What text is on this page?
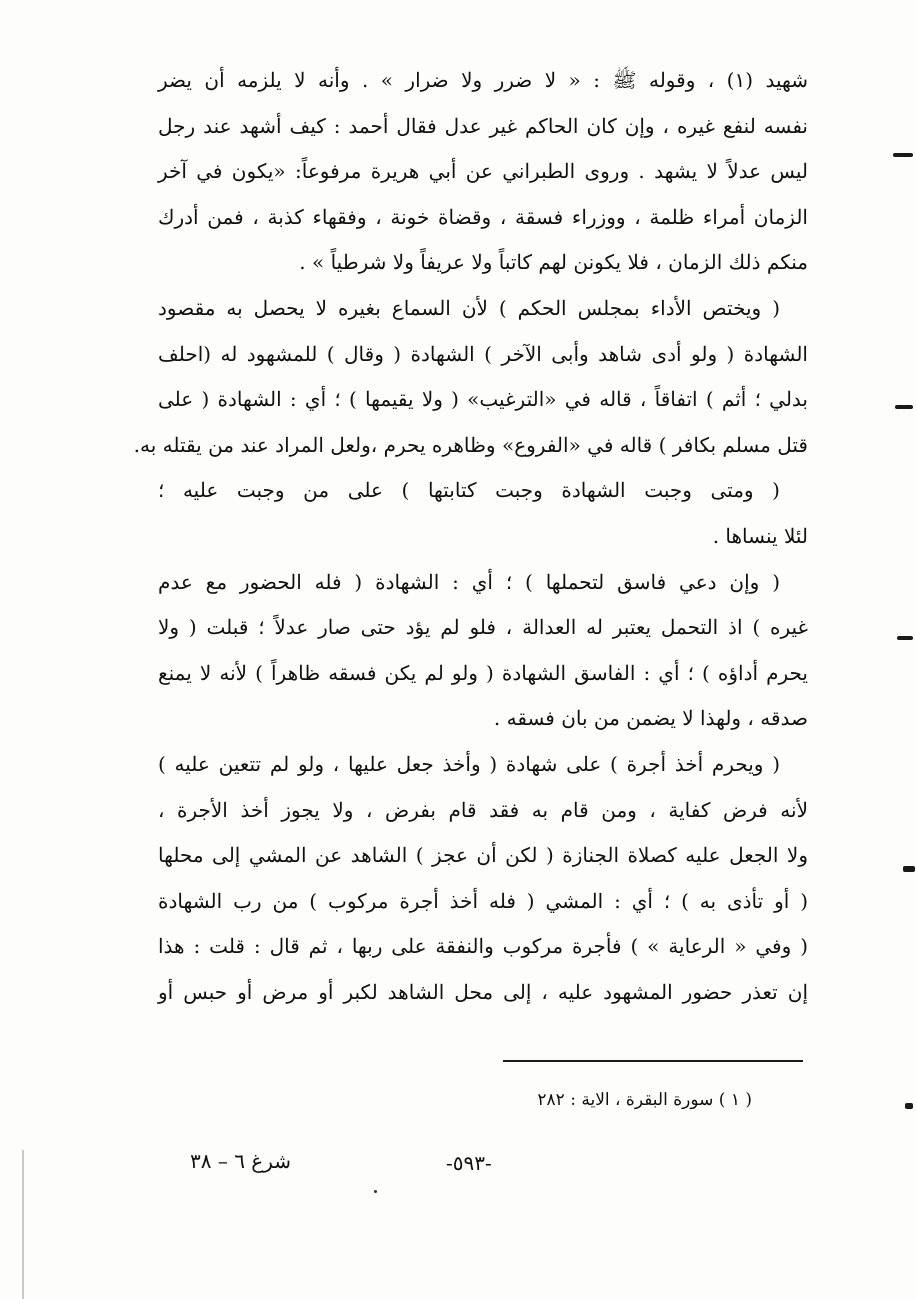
شهيد (١) ، وقوله ﷺ : « لا ضرر ولا ضرار » . وأنه لا يلزمه أن يضر
نفسه لنفع غيره ، وإن كان الحاكم غير عدل فقال أحمد : كيف أشهد عند رجل
ليس عدلاً لا يشهد . وروى الطبراني عن أبي هريرة مرفوعاً: «يكون في آخر
الزمان أمراء ظلمة ، ووزراء فسقة ، وقضاة خونة ، وفقهاء كذبة ، فمن أدرك
منكم ذلك الزمان ، فلا يكونن لهم كاتباً ولا عريفاً ولا شرطياً » .
( ويختص الأداء بمجلس الحكم ) لأن السماع بغيره لا يحصل به مقصود
الشهادة ( ولو أدى شاهد وأبى الآخر ) الشهادة ( وقال ) للمشهود له (احلف
بدلي ؛ أثم ) اتفاقاً ، قاله في «الترغيب» ( ولا يقيمها ) ؛ أي : الشهادة ( على
قتل مسلم بكافر ) قاله في «الفروع» وظاهره يحرم ،ولعل المراد عند من يقتله به.
( ومتى وجبت الشهادة وجبت كتابتها ) على من وجبت عليه ؛
لئلا ينساها .
( وإن دعي فاسق لتحملها ) ؛ أي : الشهادة ( فله الحضور مع عدم
غيره ) اذ التحمل يعتبر له العدالة ، فلو لم يؤد حتى صار عدلاً ؛ قبلت ( ولا
يحرم أداؤه ) ؛ أي : الفاسق الشهادة ( ولو لم يكن فسقه ظاهراً ) لأنه لا يمنع
صدقه ، ولهذا لا يضمن من بان فسقه .
( ويحرم أخذ أجرة ) على شهادة ( وأخذ جعل عليها ، ولو لم تتعين عليه )
لأنه فرض كفاية ، ومن قام به فقد قام بفرض ، ولا يجوز أخذ الأجرة ،
ولا الجعل عليه كصلاة الجنازة ( لكن أن عجز ) الشاهد عن المشي إلى محلها
( أو تأذى به ) ؛ أي : المشي ( فله أخذ أجرة مركوب ) من رب الشهادة
( وفي « الرعاية » ) فأجرة مركوب والنفقة على ربها ، ثم قال : قلت : هذا
إن تعذر حضور المشهود عليه ، إلى محل الشاهد لكبر أو مرض أو حبس أو
( ١ ) سورة البقرة ، الاية : ٢٨٢
-٥٩٣-
شرغ ٦ – ٣٨
